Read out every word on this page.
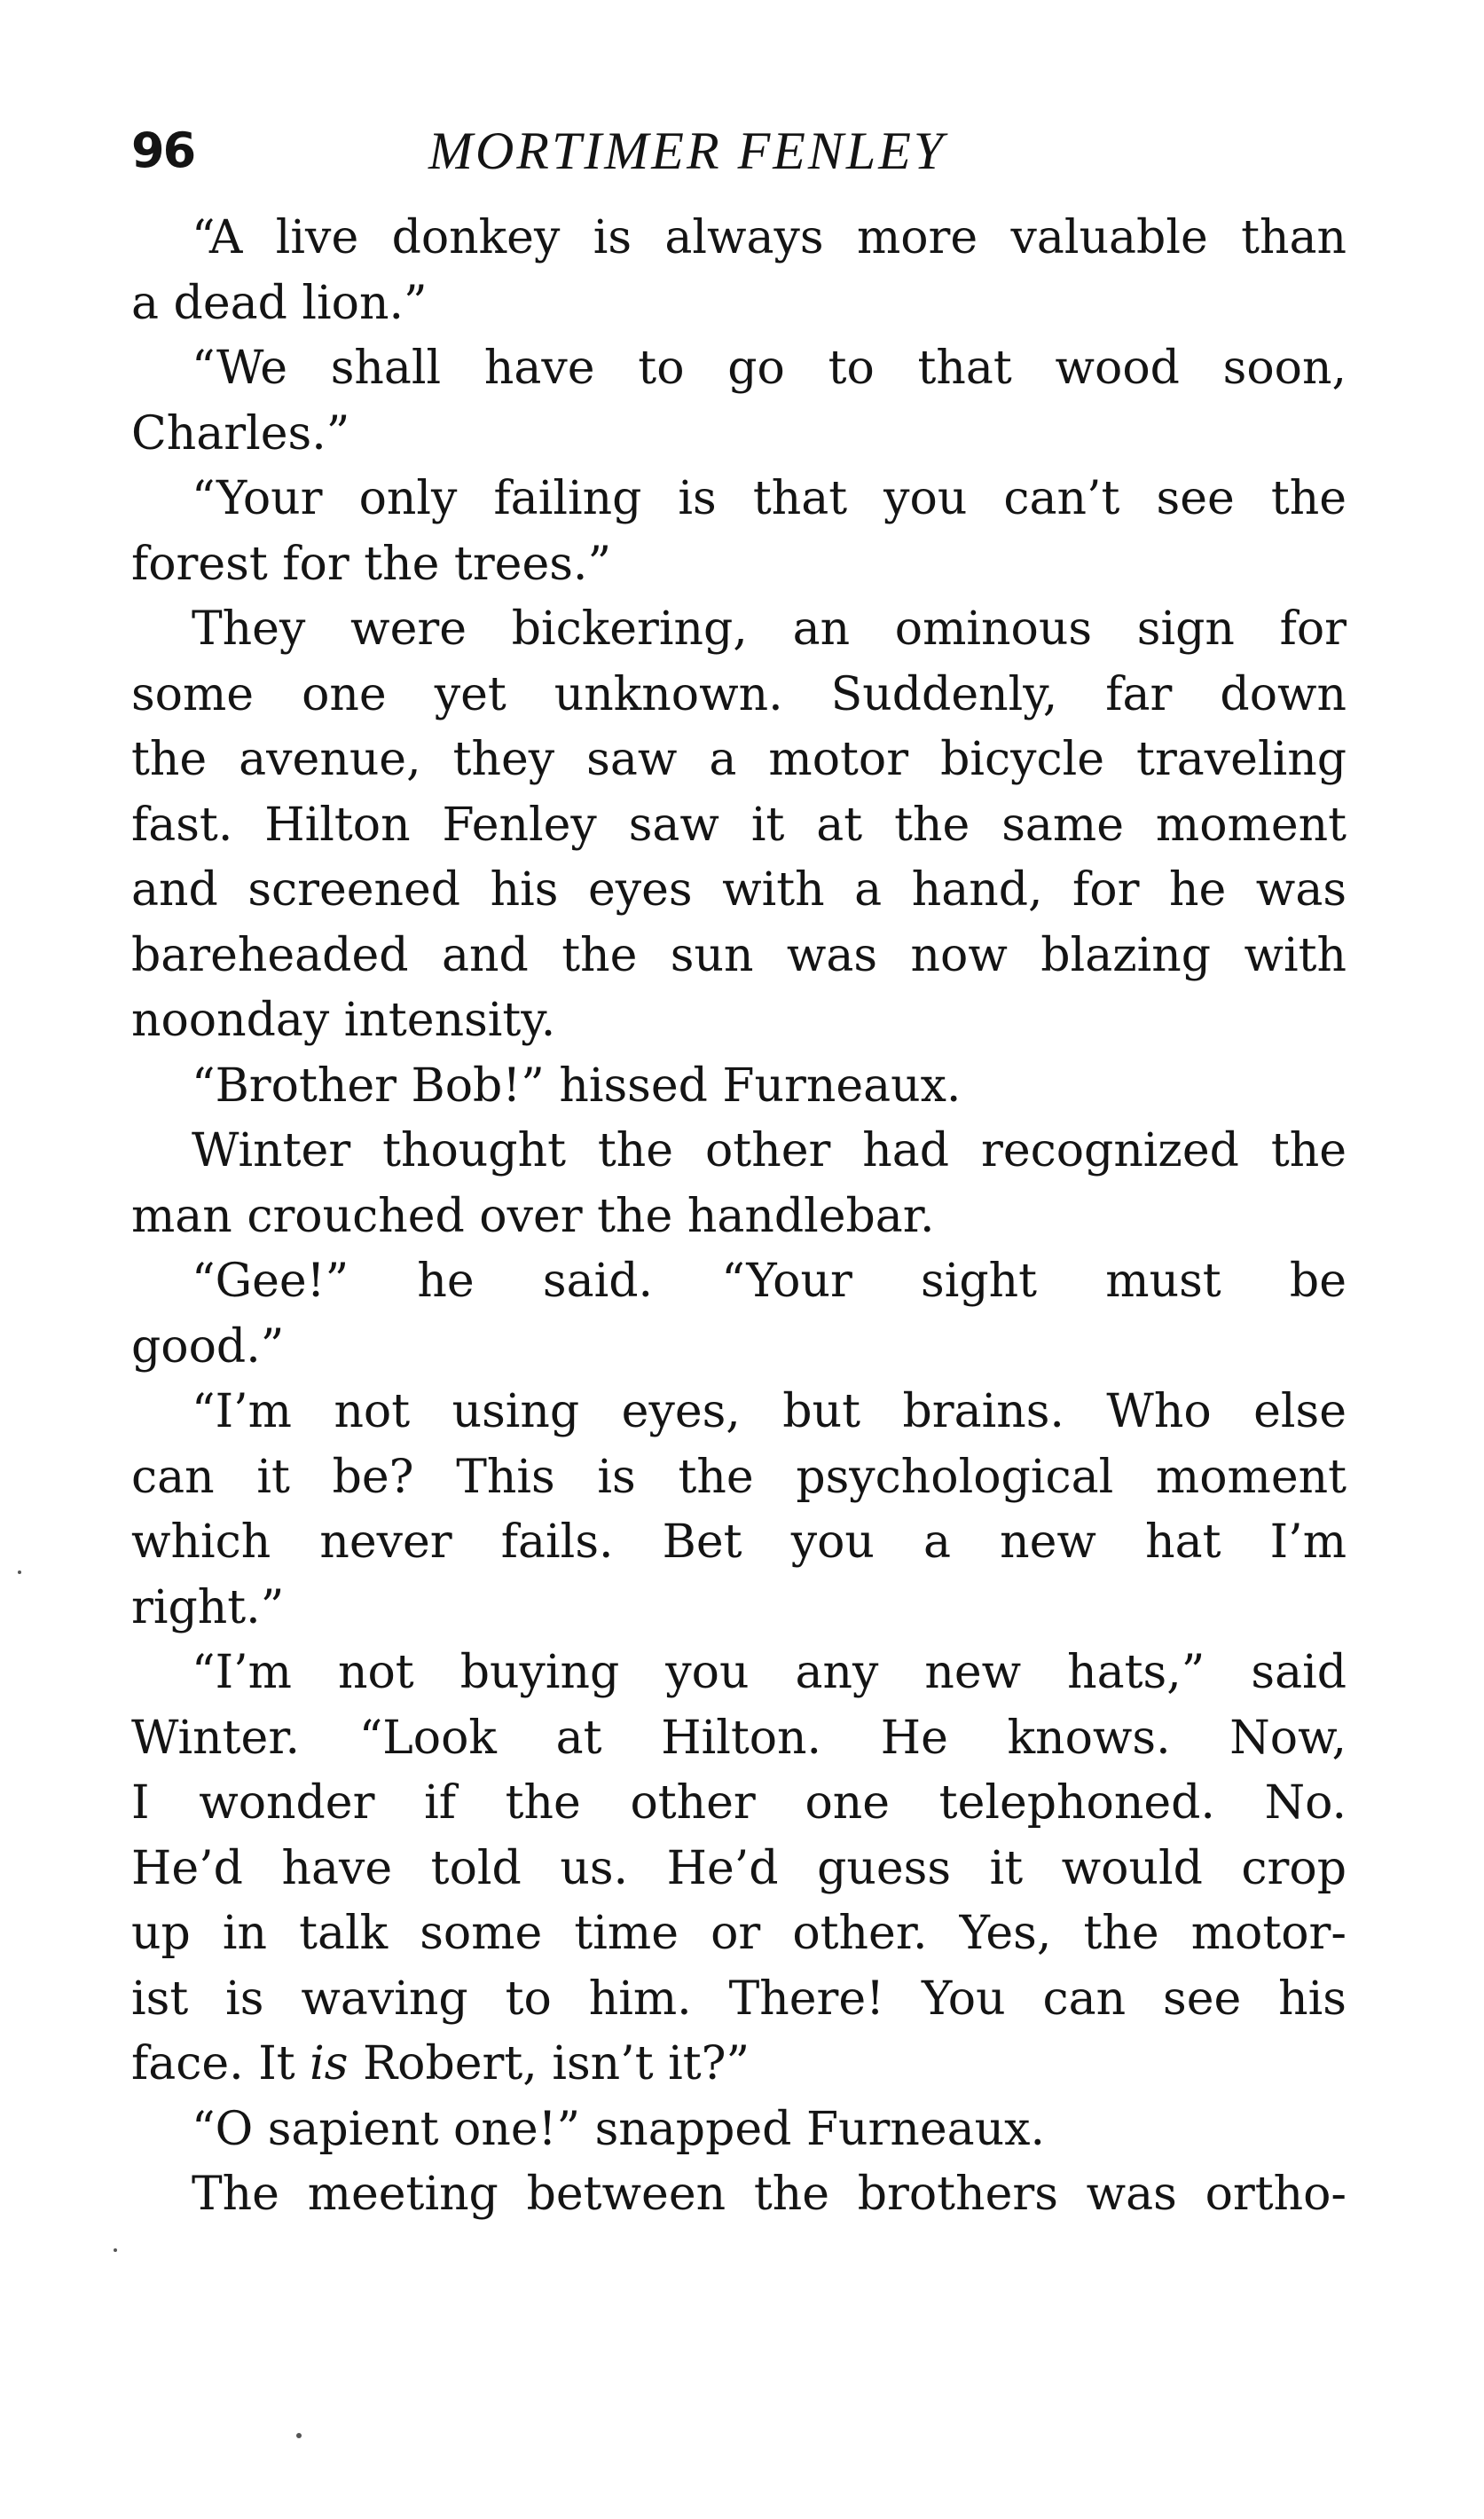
96	MORTIMER FENLEY
“A live donkey is always more valuable than
a dead lion.”
“We shall have to go to that wood soon,
Charles.”
“Your only failing is that you can’t see the
forest for the trees.”
They were bickering, an ominous sign for
some one yet unknown. Suddenly, far down
the avenue, they saw a motor bicycle traveling
fast. Hilton Fenley saw it at the same moment
and screened his eyes with a hand, for he was
bareheaded and the sun was now blazing with
noonday intensity.
“Brother Bob!” hissed Furneaux.
Winter thought the other had recognized the
man crouched over the handlebar.
“Gee!” he said. “Your sight must be
good.”
“I’m not using eyes, but brains. Who else
can it be? This is the psychological moment
which never fails. Bet you a new hat I’m
right.”
“I’m not buying you any new hats,” said
Winter. “Look at Hilton. He knows. Now,
I wonder if the other one telephoned. No.
He’d have told us. He’d guess it would crop
up in talk some time or other. Yes, the motor-
ist is waving to him. There! You can see his
face. It is Robert, isn’t it?”
“O sapient one!” snapped Furneaux.
The meeting between the brothers was ortho-
